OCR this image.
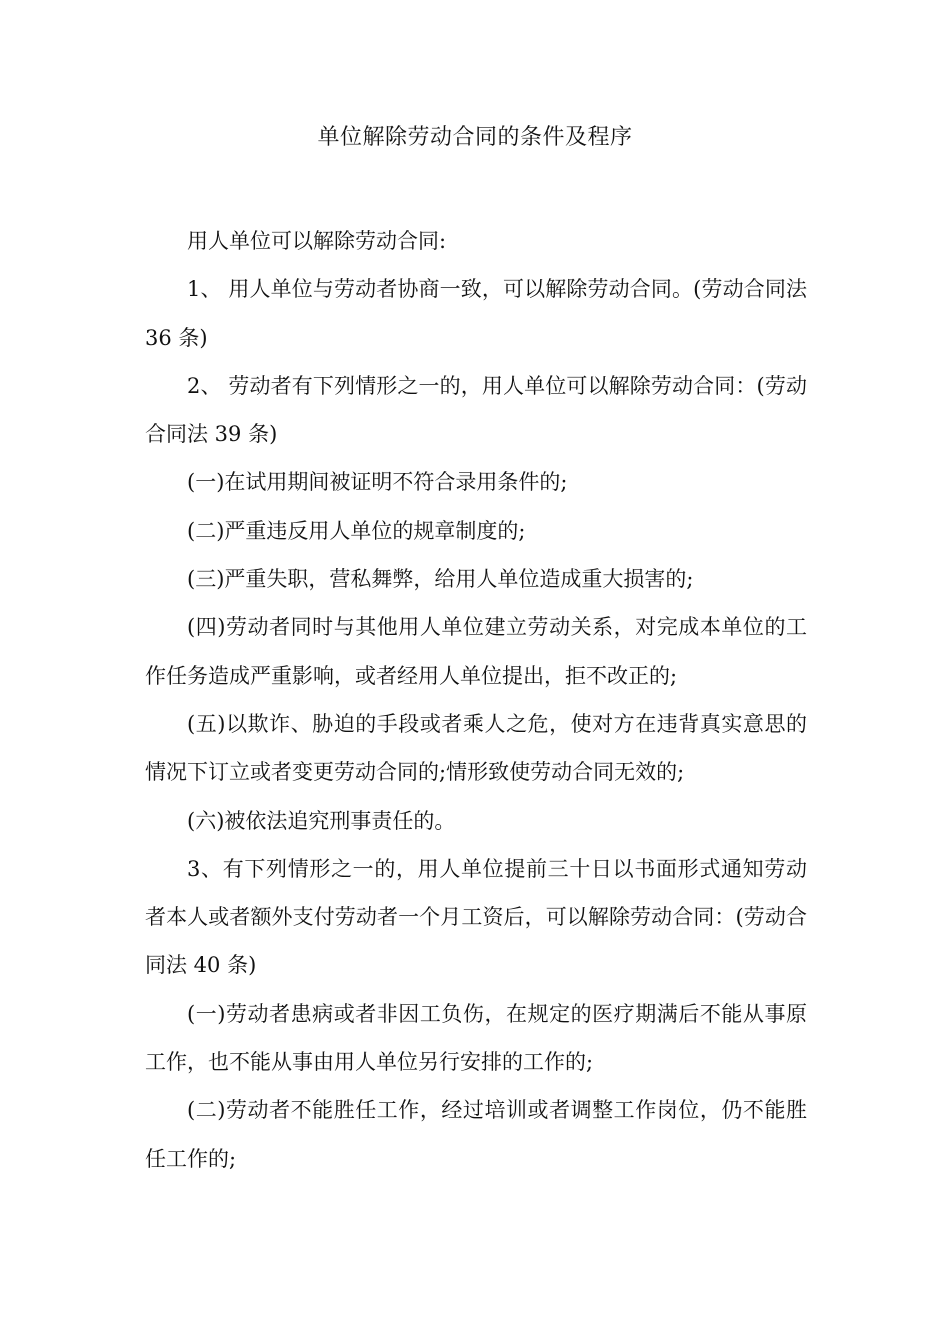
单位解除劳动合同的条件及程序

用人单位可以解除劳动合同:

1、 用人单位与劳动者协商一致，可以解除劳动合同。(劳动合同法 36 条)

2、 劳动者有下列情形之一的，用人单位可以解除劳动合同：(劳动合同法 39 条)

(一)在试用期间被证明不符合录用条件的;

(二)严重违反用人单位的规章制度的;

(三)严重失职，营私舞弊，给用人单位造成重大损害的;

(四)劳动者同时与其他用人单位建立劳动关系，对完成本单位的工作任务造成严重影响，或者经用人单位提出，拒不改正的;

(五)以欺诈、胁迫的手段或者乘人之危，使对方在违背真实意思的情况下订立或者变更劳动合同的;情形致使劳动合同无效的;

(六)被依法追究刑事责任的。

3、有下列情形之一的，用人单位提前三十日以书面形式通知劳动者本人或者额外支付劳动者一个月工资后，可以解除劳动合同：(劳动合同法 40 条)

(一)劳动者患病或者非因工负伤，在规定的医疗期满后不能从事原工作，也不能从事由用人单位另行安排的工作的;

(二)劳动者不能胜任工作，经过培训或者调整工作岗位，仍不能胜任工作的;
